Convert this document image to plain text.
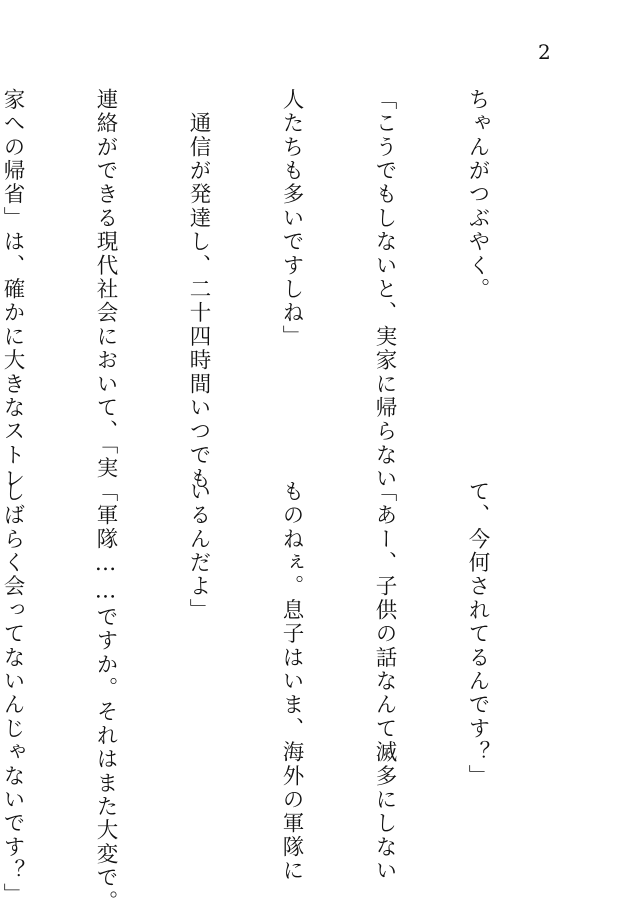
2

ちゃんがつぶやく。

「こうでもしないと、実家に帰らない

人たちも多いですしね」

　通信が発達し、二十四時間いつでも

連絡ができる現代社会において、「実

家への帰省」は、確かに大きなストレ

て、今何されてるんです？」

「あー、子供の話なんて滅多にしない

ものねぇ。息子はいま、海外の軍隊に

いるんだよ」

「軍隊……ですか。それはまた大変で。

しばらく会ってないんじゃないです？」
